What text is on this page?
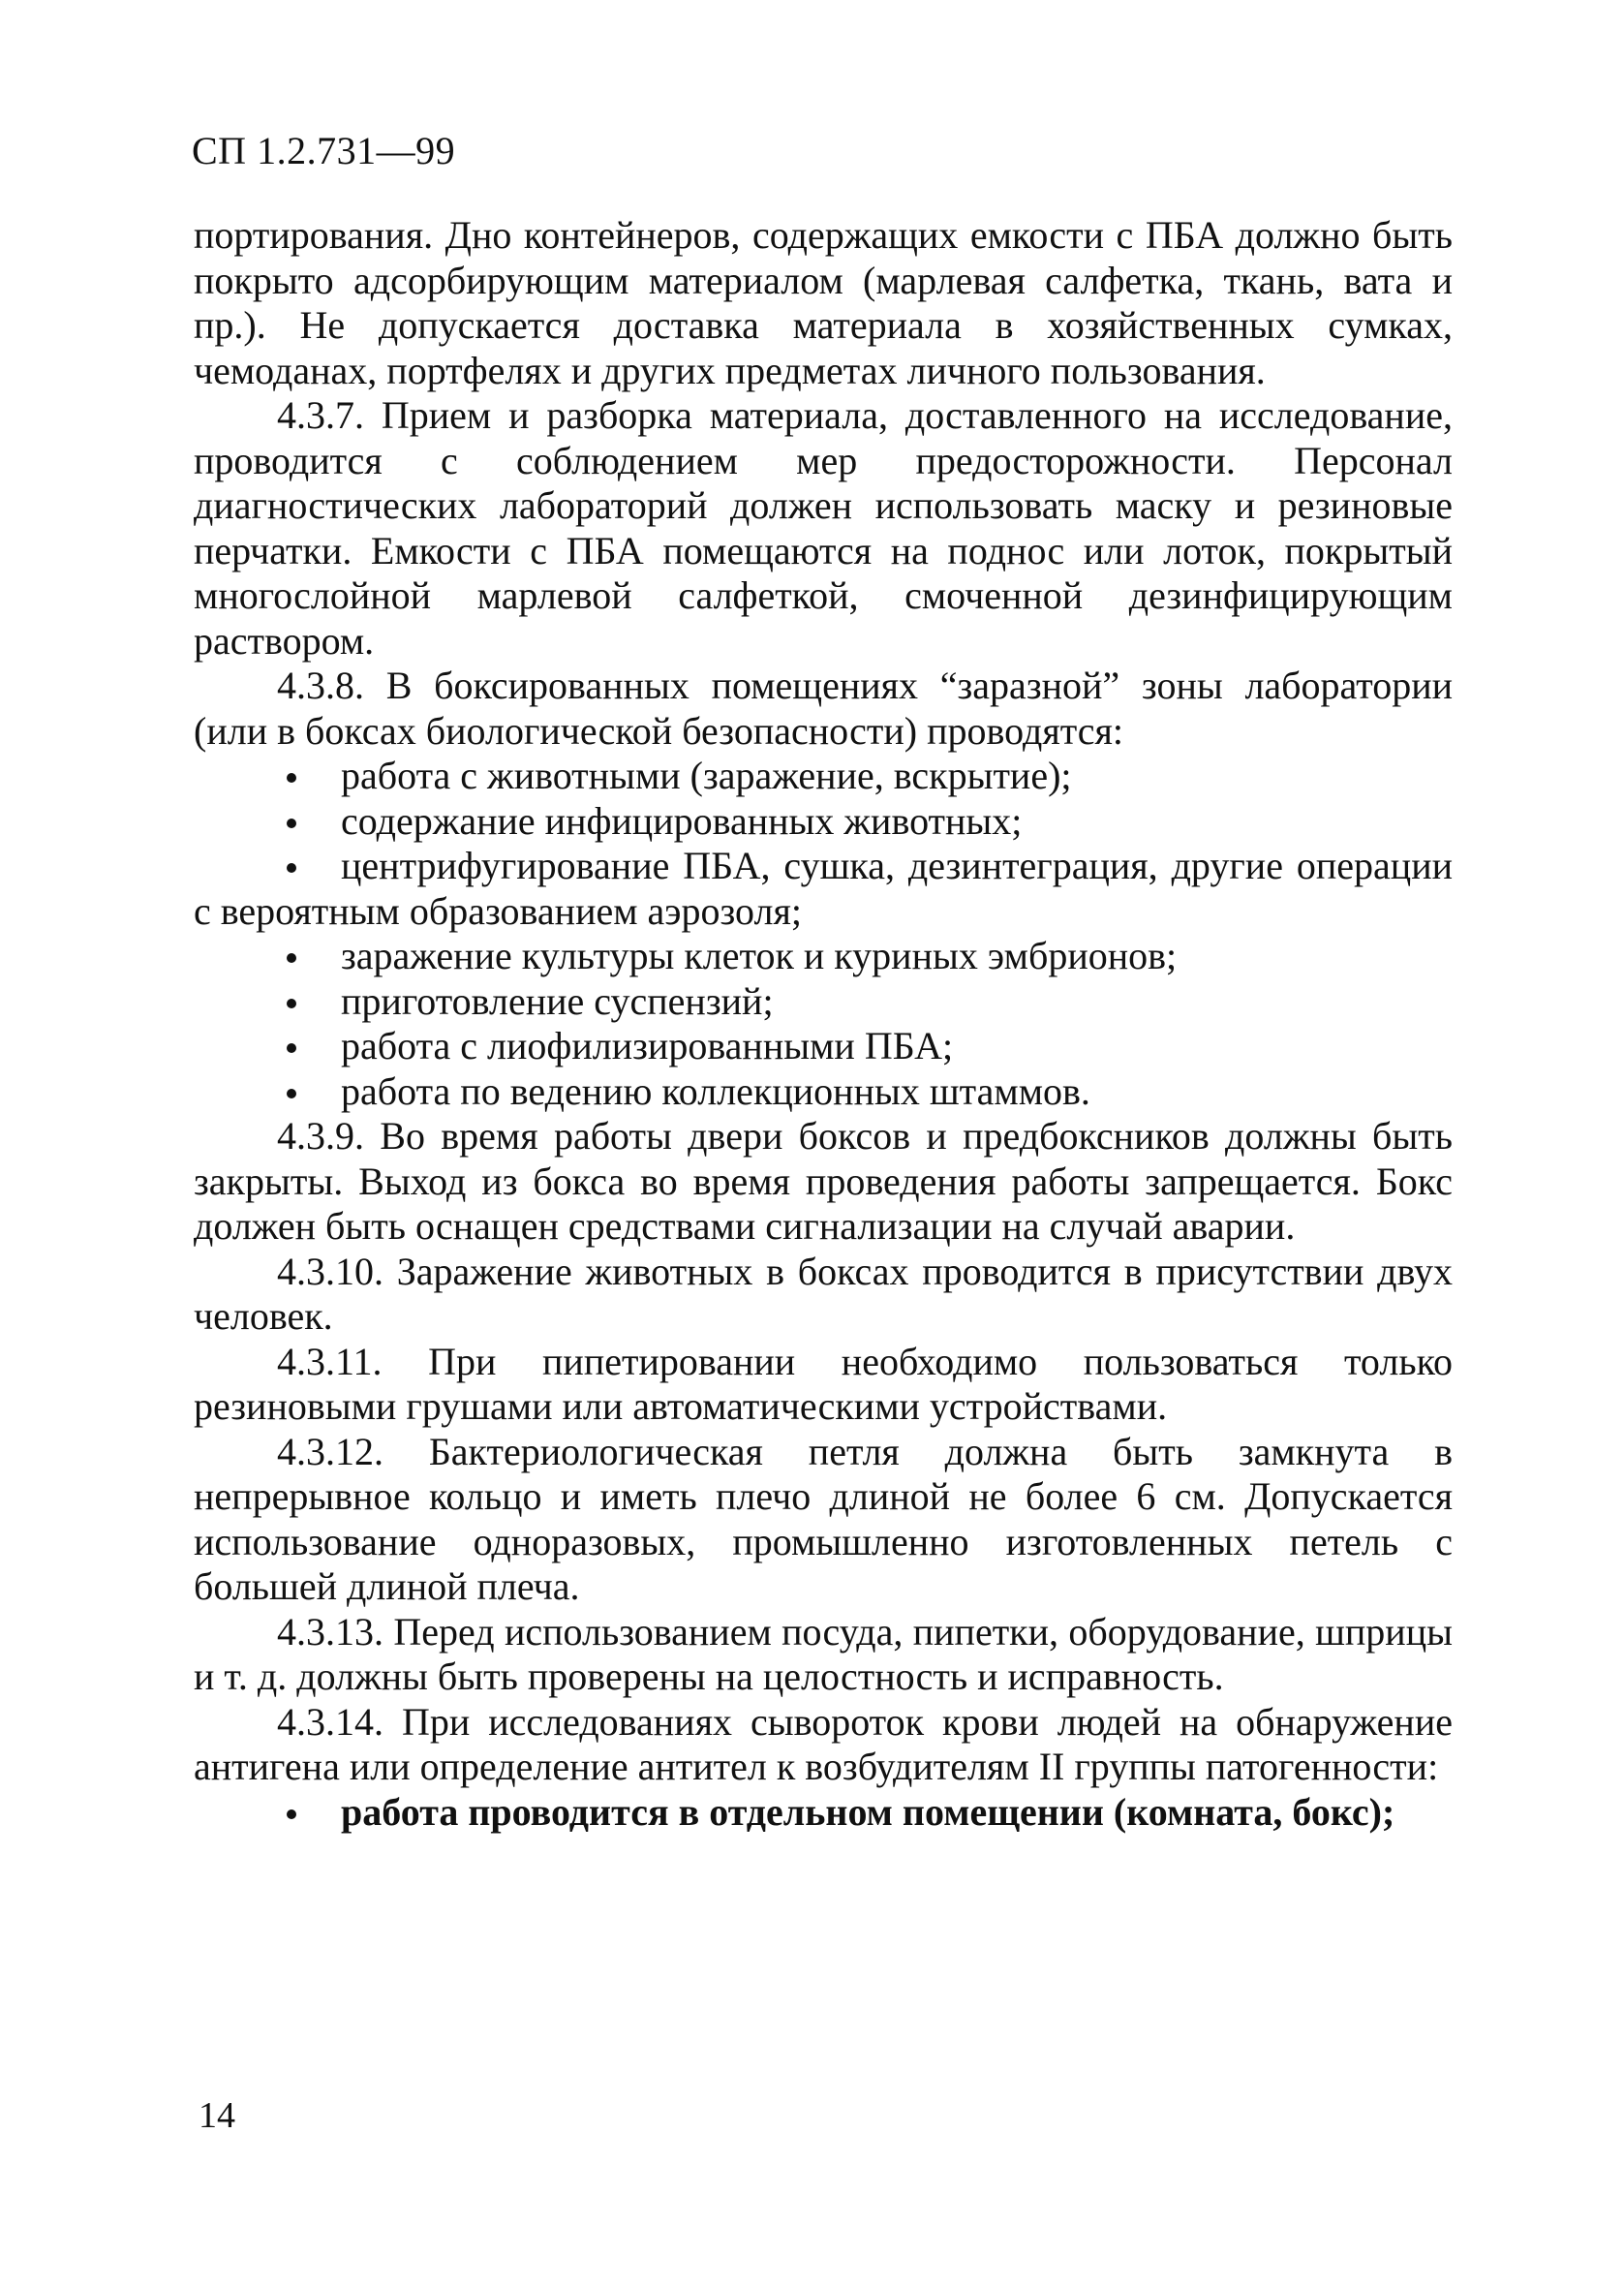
СП 1.2.731—99

портирования. Дно контейнеров, содержащих емкости с ПБА должно быть покрыто адсорбирующим материалом (марлевая салфетка, ткань, вата и пр.). Не допускается доставка материала в хозяйственных сумках, чемоданах, портфелях и других предметах личного пользования.

4.3.7. Прием и разборка материала, доставленного на исследование, проводится с соблюдением мер предосторожности. Персонал диагностических лабораторий должен использовать маску и резиновые перчатки. Емкости с ПБА помещаются на поднос или лоток, покрытый многослойной марлевой салфеткой, смоченной дезинфицирующим раствором.

4.3.8. В боксированных помещениях “заразной” зоны лаборатории (или в боксах биологической безопасности) проводятся:

работа с животными (заражение, вскрытие);
содержание инфицированных животных;
центрифугирование ПБА, сушка, дезинтеграция, другие операции с вероятным образованием аэрозоля;
заражение культуры клеток и куриных эмбрионов;
приготовление суспензий;
работа с лиофилизированными ПБА;
работа по ведению коллекционных штаммов.

4.3.9. Во время работы двери боксов и предбоксников должны быть закрыты. Выход из бокса во время проведения работы запрещается. Бокс должен быть оснащен средствами сигнализации на случай аварии.

4.3.10. Заражение животных в боксах проводится в присутствии двух человек.

4.3.11. При пипетировании необходимо пользоваться только резиновыми грушами или автоматическими устройствами.

4.3.12. Бактериологическая петля должна быть замкнута в непрерывное кольцо и иметь плечо длиной не более 6 см. Допускается использование одноразовых, промышленно изготовленных петель с большей длиной плеча.

4.3.13. Перед использованием посуда, пипетки, оборудование, шприцы и т. д. должны быть проверены на целостность и исправность.

4.3.14. При исследованиях сывороток крови людей на обнаружение антигена или определение антител к возбудителям II группы патогенности:

работа проводится в отдельном помещении (комната, бокс);
14
